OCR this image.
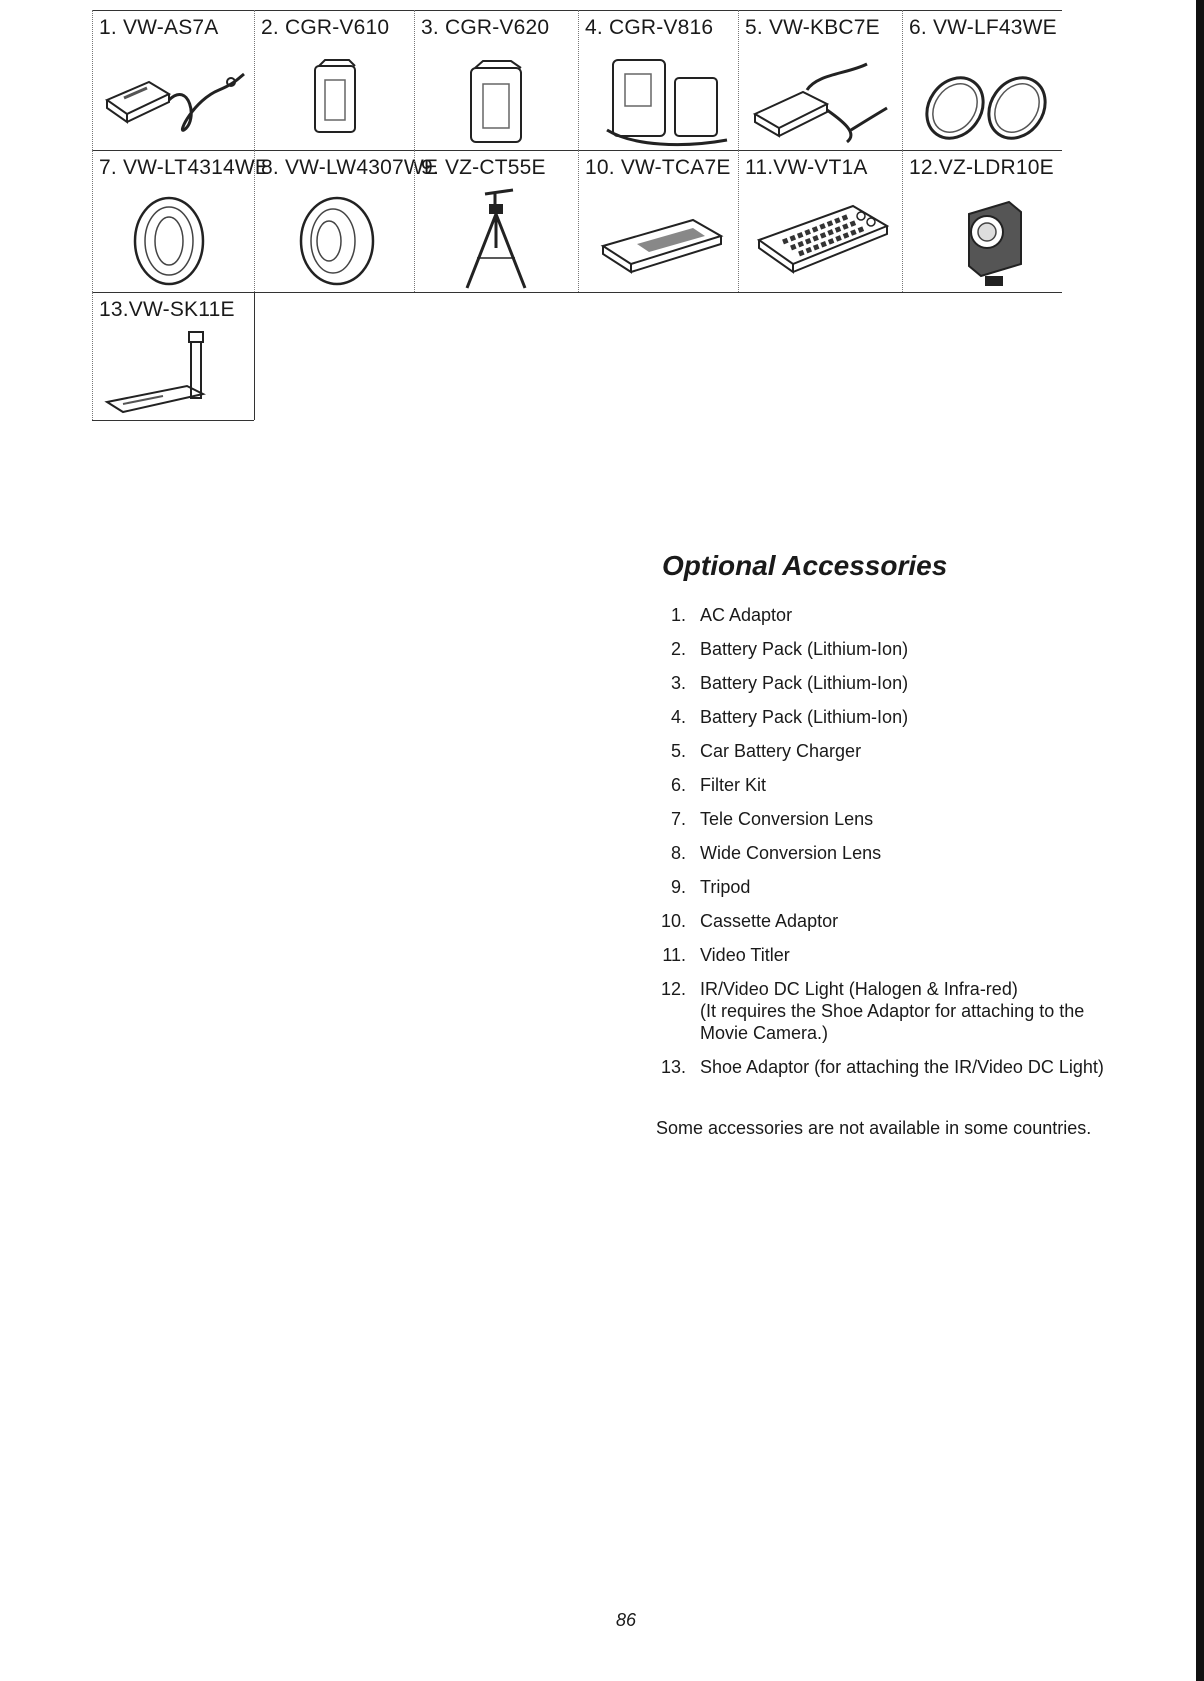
1. VW-AS7A 2. CGR-V610 3. CGR-V620 4. CGR-V816 5. VW-KBC7E 6. VW-LF43WE
7. VW-LT4314WE
8. VW-LW4307WE
9. VZ-CT55E 10. VW-TCA7E 11.VW-VT1A 12.VZ-LDR10E
13.VW-SK11E
Optional Accessories
1. AC Adaptor
2. Battery Pack (Lithium-Ion)
3. Battery Pack (Lithium-Ion)
4. Battery Pack (Lithium-Ion)
5. Car Battery Charger
6. Filter Kit
7. Tele Conversion Lens
8. Wide Conversion Lens
9. Tripod
10. Cassette Adaptor
11. Video Titler
12. IR/Video DC Light (Halogen & Infra-red)
(It requires the Shoe Adaptor for attaching to the Movie Camera.)
13. Shoe Adaptor (for attaching the IR/Video DC Light)
Some accessories are not available in some countries.
86
